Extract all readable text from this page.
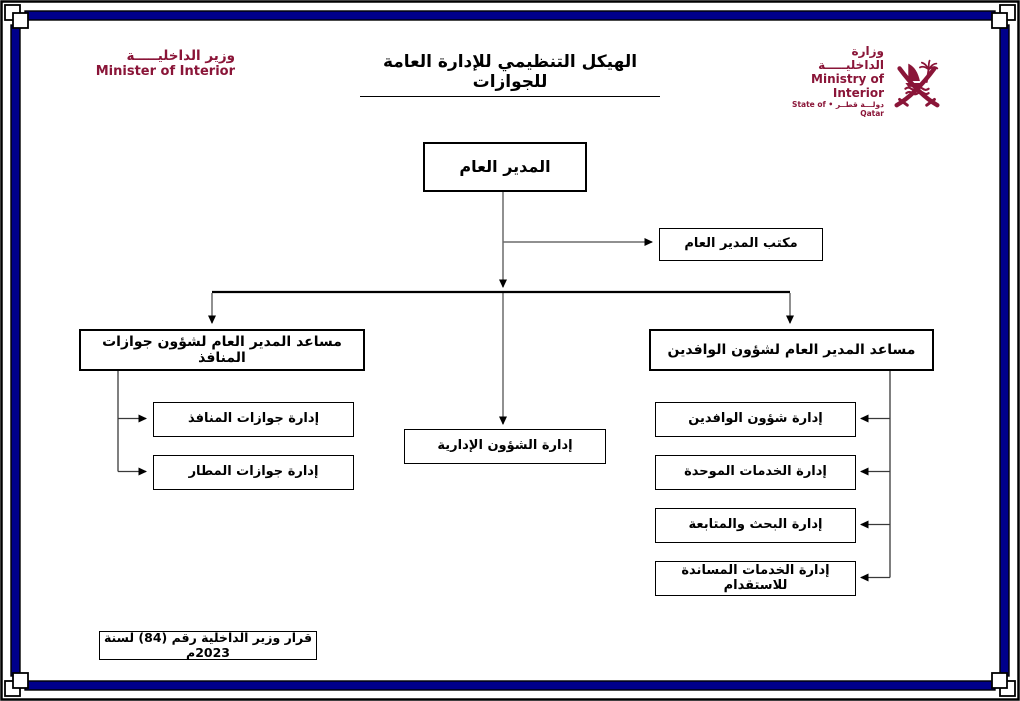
وزير الداخليـــــة
Minister of Interior	الهيكل التنظيمي للإدارة العامة للجوازات
وزارة الداخليـــــة
Ministry of Interior
دولـــة قطــر • State of Qatar
المدير العام
مكتب المدير العام
مساعد المدير العام لشؤون جوازات المنافذ
مساعد المدير العام لشؤون الوافدين
إدارة الشؤون الإدارية
إدارة جوازات المنافذ
إدارة جوازات المطار
إدارة شؤون الوافدين
إدارة الخدمات الموحدة
إدارة البحث والمتابعة
إدارة الخدمات المساندة للاستقدام
قرار وزير الداخلية رقم (84) لسنة 2023م
